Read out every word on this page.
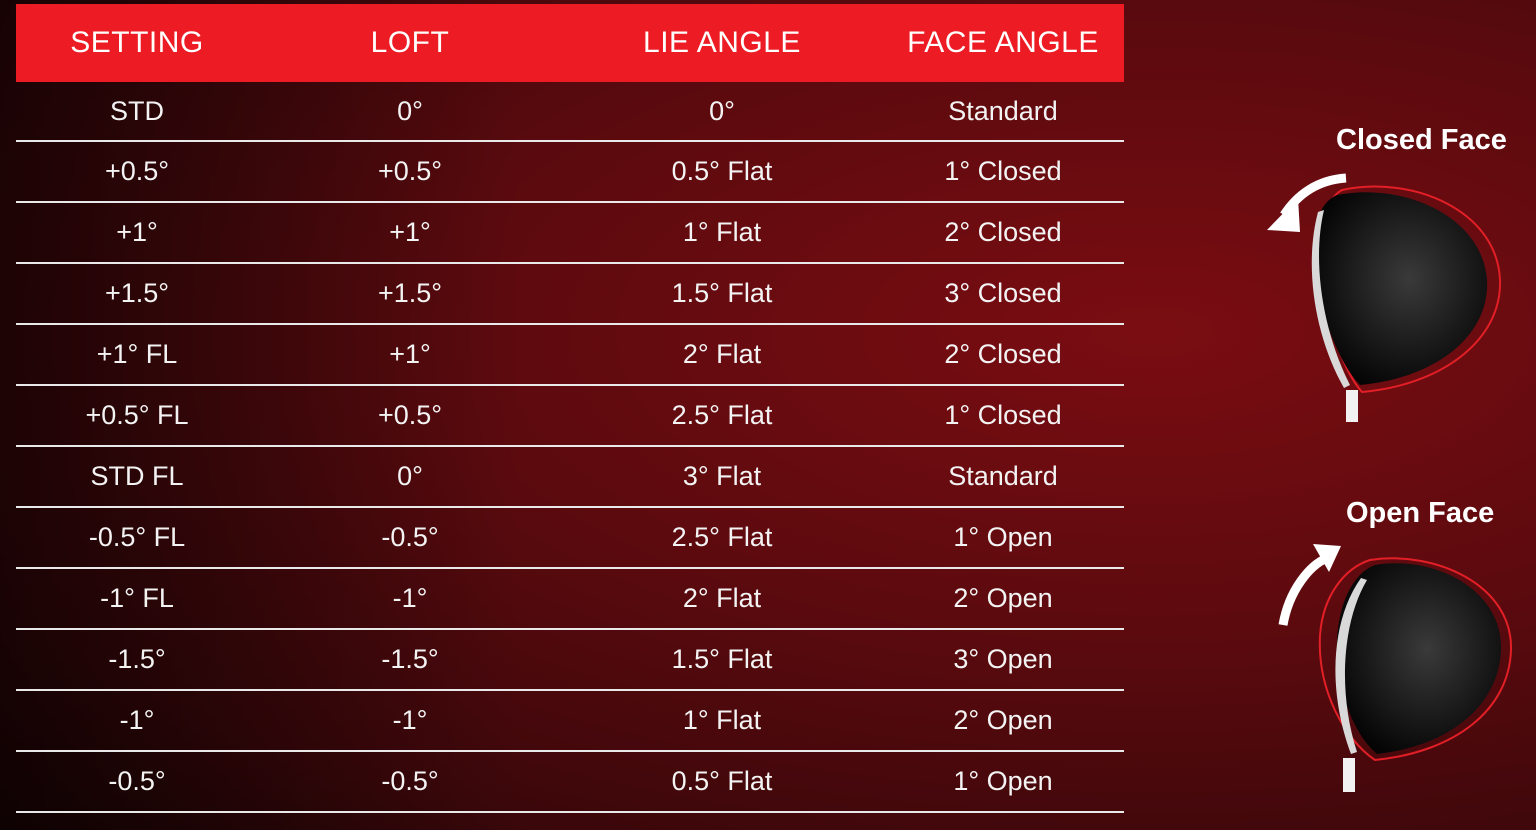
SETTING	LOFT	LIE ANGLE	FACE ANGLE
STD	0°	0°	Standard
+0.5°	+0.5°	0.5° Flat	1° Closed
+1°	+1°	1° Flat	2° Closed
+1.5°	+1.5°	1.5° Flat	3° Closed
+1° FL	+1°	2° Flat	2° Closed
+0.5° FL	+0.5°	2.5° Flat	1° Closed
STD FL	0°	3° Flat	Standard
-0.5° FL	-0.5°	2.5° Flat	1° Open
-1° FL	-1°	2° Flat	2° Open
-1.5°	-1.5°	1.5° Flat	3° Open
-1°	-1°	1° Flat	2° Open
-0.5°	-0.5°	0.5° Flat	1° Open
Closed Face
Open Face
